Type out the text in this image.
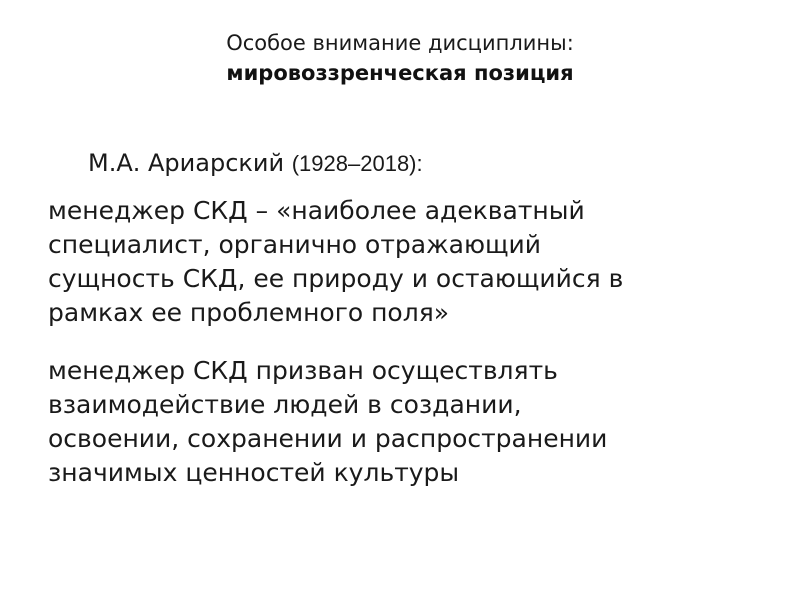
Особое внимание дисциплины:
мировоззренческая позиция
М.А. Ариарский (1928–2018):

менеджер СКД – «наиболее адекватный
специалист, органично отражающий
сущность СКД, ее природу и остающийся в
рамках ее проблемного поля»

менеджер СКД призван осуществлять
взаимодействие людей в создании,
освоении, сохранении и распространении
значимых ценностей культуры
